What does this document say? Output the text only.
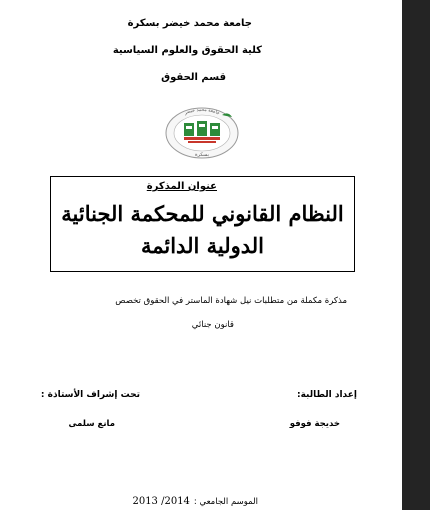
جامعة محمد خيضر بسكرة
كلية الحقوق والعلوم السياسية
قسم الحقوق
جامعة محمد خيضر
بسكرة
عنوان المذكرة
النظام القانوني للمحكمة الجنائية
الدولية الدائمة
مذكرة مكملة من متطلبات نيل شهادة الماستر في الحقوق تخصص
قانون جنائي
إعداد الطالبة:
تحت إشراف الأستاذة :
خديجة فوفو
مانع سلمى
الموسم الجامعي :
2013 /2014
